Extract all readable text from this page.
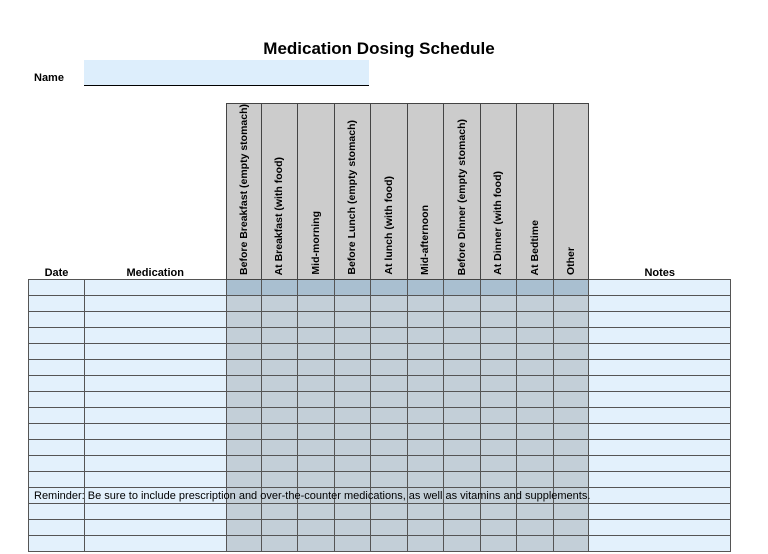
Medication Dosing Schedule
Name
Date	Medication	Before Breakfast (empty stomach)	At Breakfast (with food)	Mid-morning	Before Lunch (empty stomach)	At lunch (with food)	Mid-afternoon	Before Dinner (empty stomach)	At Dinner (with food)	At Bedtime	Other	Notes

Reminder: Be sure to include prescription and over-the-counter medications, as well as vitamins and supplements.
